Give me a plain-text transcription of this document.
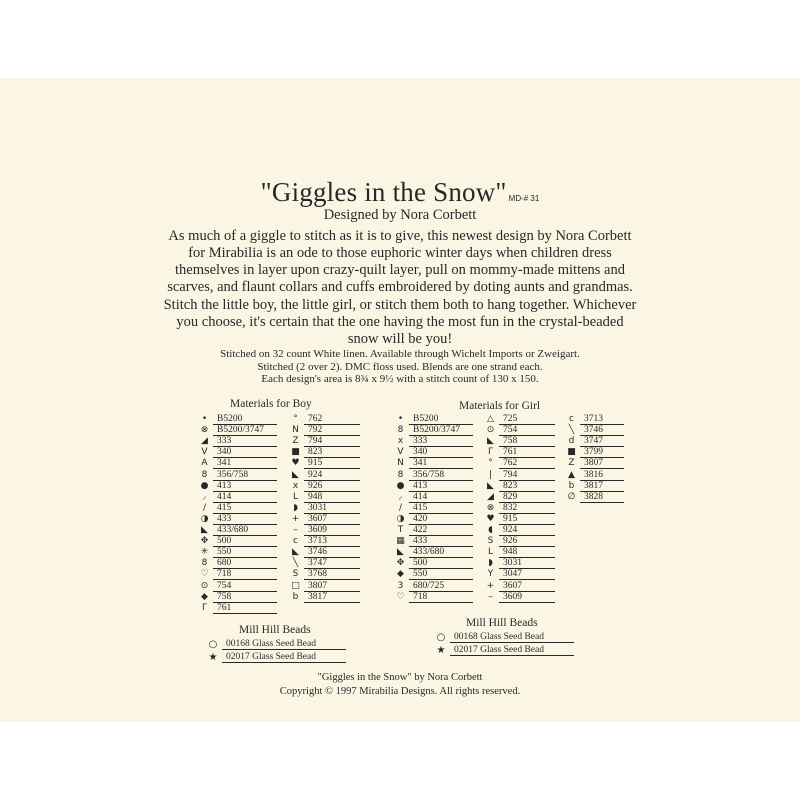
"Giggles in the Snow" MD-# 31
Designed by Nora Corbett
As much of a giggle to stitch as it is to give, this newest design by Nora Corbett
for Mirabilia is an ode to those euphoric winter days when children dress
themselves in layer upon crazy-quilt layer, pull on mommy-made mittens and
scarves, and flaunt collars and cuffs embroidered by doting aunts and grandmas.
Stitch the little boy, the little girl, or stitch them both to hang together. Whichever
you choose, it's certain that the one having the most fun in the crystal-beaded
snow will be you!
Stitched on 32 count White linen. Available through Wichelt Imports or Zweigart.
Stitched (2 over 2). DMC floss used. Blends are one strand each.
Each design's area is 8¾ x 9½ with a stitch count of 130 x 150.
Materials for Boy
•	B5200
⊗ B5200/3747
◢ 333
V 340
A 341
8	356/758
● 413
⸝	414
∕	415
◑ 433
◣ 433/680
✥ 500
✳ 550
8	680
♡ 718
⊙ 754
◆ 758
Γ	761
°	762
N 792
Z 794
■ 823
♥ 915
◣ 924
x	926
L	948
◗	3031
+ 3607
–	3609
c	3713
◣ 3746
╲	3747
S	3768
□ 3807
b	3817
Mill Hill Beads
○ 00168 Glass Seed Bead
★ 02017 Glass Seed Bead
Materials for Girl
•	B5200
8	B5200/3747
x	333
V 340
N 341
8	356/758
● 413
⸝	414
∕	415
◑ 420
T	422
▦ 433
◣ 433/680
✥ 500
◆ 550
3	680/725
♡ 718
△ 725
⊙ 754
◣ 758
Γ	761
°	762
|	794
◣ 823
◢ 829
⊗ 832
♥ 915
◖	924
S	926
L	948
◗	3031
Y	3047
+ 3607
–	3609
c	3713
╲	3746
d	3747
■ 3799
Z 3807
▲ 3816
b	3817
∅ 3828
Mill Hill Beads
○ 00168 Glass Seed Bead
★ 02017 Glass Seed Bead
"Giggles in the Snow" by Nora Corbett
Copyright © 1997 Mirabilia Designs. All rights reserved.
